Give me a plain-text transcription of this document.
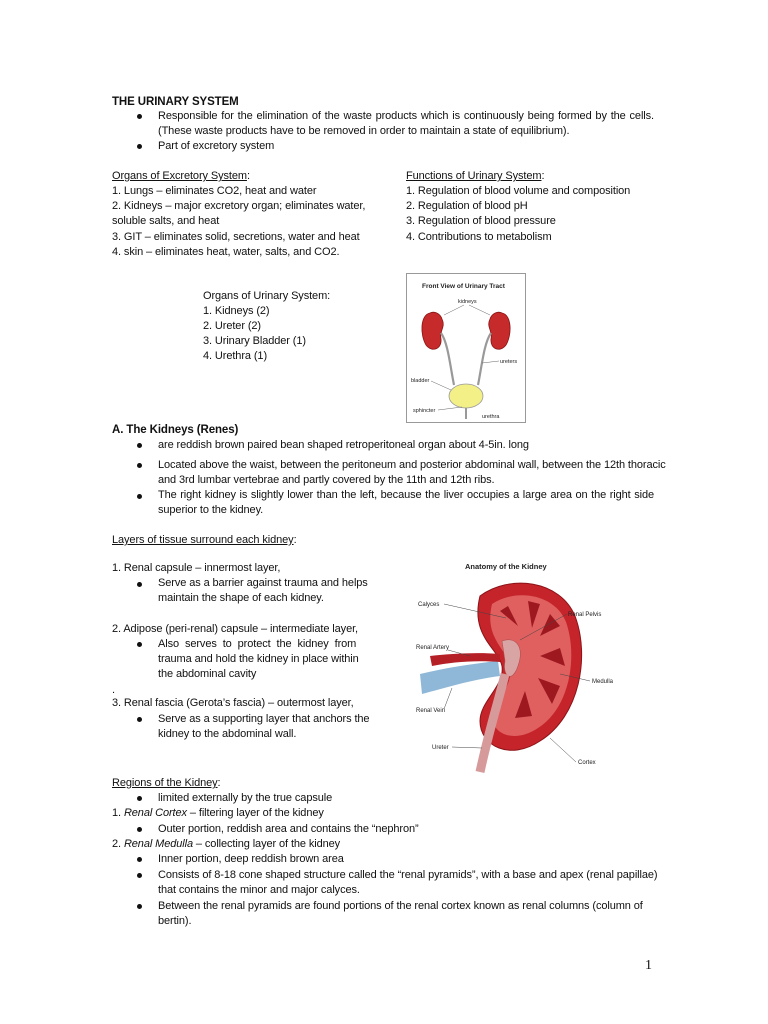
THE URINARY SYSTEM
Responsible for the elimination of the waste products which is continuously being formed by the cells. (These waste products have to be removed in order to maintain a state of equilibrium).
Part of excretory system
Organs of Excretory System:
1. Lungs – eliminates CO2, heat and water
2. Kidneys – major excretory organ; eliminates water,
soluble salts, and heat
3. GIT – eliminates solid, secretions, water and heat
4. skin – eliminates heat, water, salts, and CO2.
Functions of Urinary System:
1. Regulation of blood volume and composition
2. Regulation of blood pH
3. Regulation of blood pressure
4. Contributions to metabolism
Organs of Urinary System:
1. Kidneys (2)
2. Ureter (2)
3. Urinary Bladder (1)
4. Urethra (1)
Front View of Urinary Tract
kidneys
ureters
bladder
sphincter
urethra
A. The Kidneys (Renes)
are reddish brown paired bean shaped retroperitoneal organ about 4-5in. long
Located above the waist, between the peritoneum and posterior abdominal wall, between the 12th thoracic
and 3rd lumbar vertebrae and partly covered by the 11th and 12th ribs.
The right kidney is slightly lower than the left, because the liver occupies a large area on the right side superior to the kidney.
Layers of tissue surround each kidney:
1. Renal capsule – innermost layer,
Serve as a barrier against trauma and helps
maintain the shape of each kidney.
2. Adipose (peri-renal) capsule – intermediate layer,
Also serves to protect the kidney from
trauma and hold the kidney in place within
the abdominal cavity
.
3. Renal fascia (Gerota’s fascia) – outermost layer,
Serve as a supporting layer that anchors the
kidney to the abdominal wall.
Anatomy of the Kidney
Calyces
Renal Pelvis
Renal Artery
Medulla
Renal Vein
Ureter
Cortex
Regions of the Kidney:
limited externally by the true capsule
1. Renal Cortex – filtering layer of the kidney
Outer portion, reddish area and contains the “nephron”
2. Renal Medulla – collecting layer of the kidney
Inner portion, deep reddish brown area
Consists of 8-18 cone shaped structure called the “renal pyramids”, with a base and apex (renal papillae)
that contains the minor and major calyces.
Between the renal pyramids are found portions of the renal cortex known as renal columns (column of
bertin).
1
